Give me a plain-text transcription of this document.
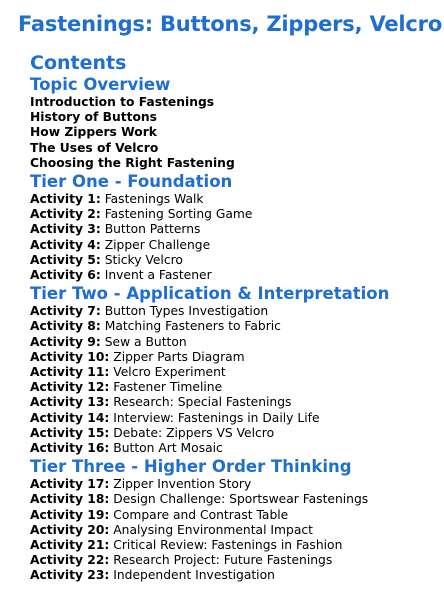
Fastenings: Buttons, Zippers, Velcro
Contents
Topic Overview
Introduction to Fastenings
History of Buttons
How Zippers Work
The Uses of Velcro
Choosing the Right Fastening
Tier One - Foundation
Activity 1: Fastenings Walk
Activity 2: Fastening Sorting Game
Activity 3: Button Patterns
Activity 4: Zipper Challenge
Activity 5: Sticky Velcro
Activity 6: Invent a Fastener
Tier Two - Application & Interpretation
Activity 7: Button Types Investigation
Activity 8: Matching Fasteners to Fabric
Activity 9: Sew a Button
Activity 10: Zipper Parts Diagram
Activity 11: Velcro Experiment
Activity 12: Fastener Timeline
Activity 13: Research: Special Fastenings
Activity 14: Interview: Fastenings in Daily Life
Activity 15: Debate: Zippers VS Velcro
Activity 16: Button Art Mosaic
Tier Three - Higher Order Thinking
Activity 17: Zipper Invention Story
Activity 18: Design Challenge: Sportswear Fastenings
Activity 19: Compare and Contrast Table
Activity 20: Analysing Environmental Impact
Activity 21: Critical Review: Fastenings in Fashion
Activity 22: Research Project: Future Fastenings
Activity 23: Independent Investigation
